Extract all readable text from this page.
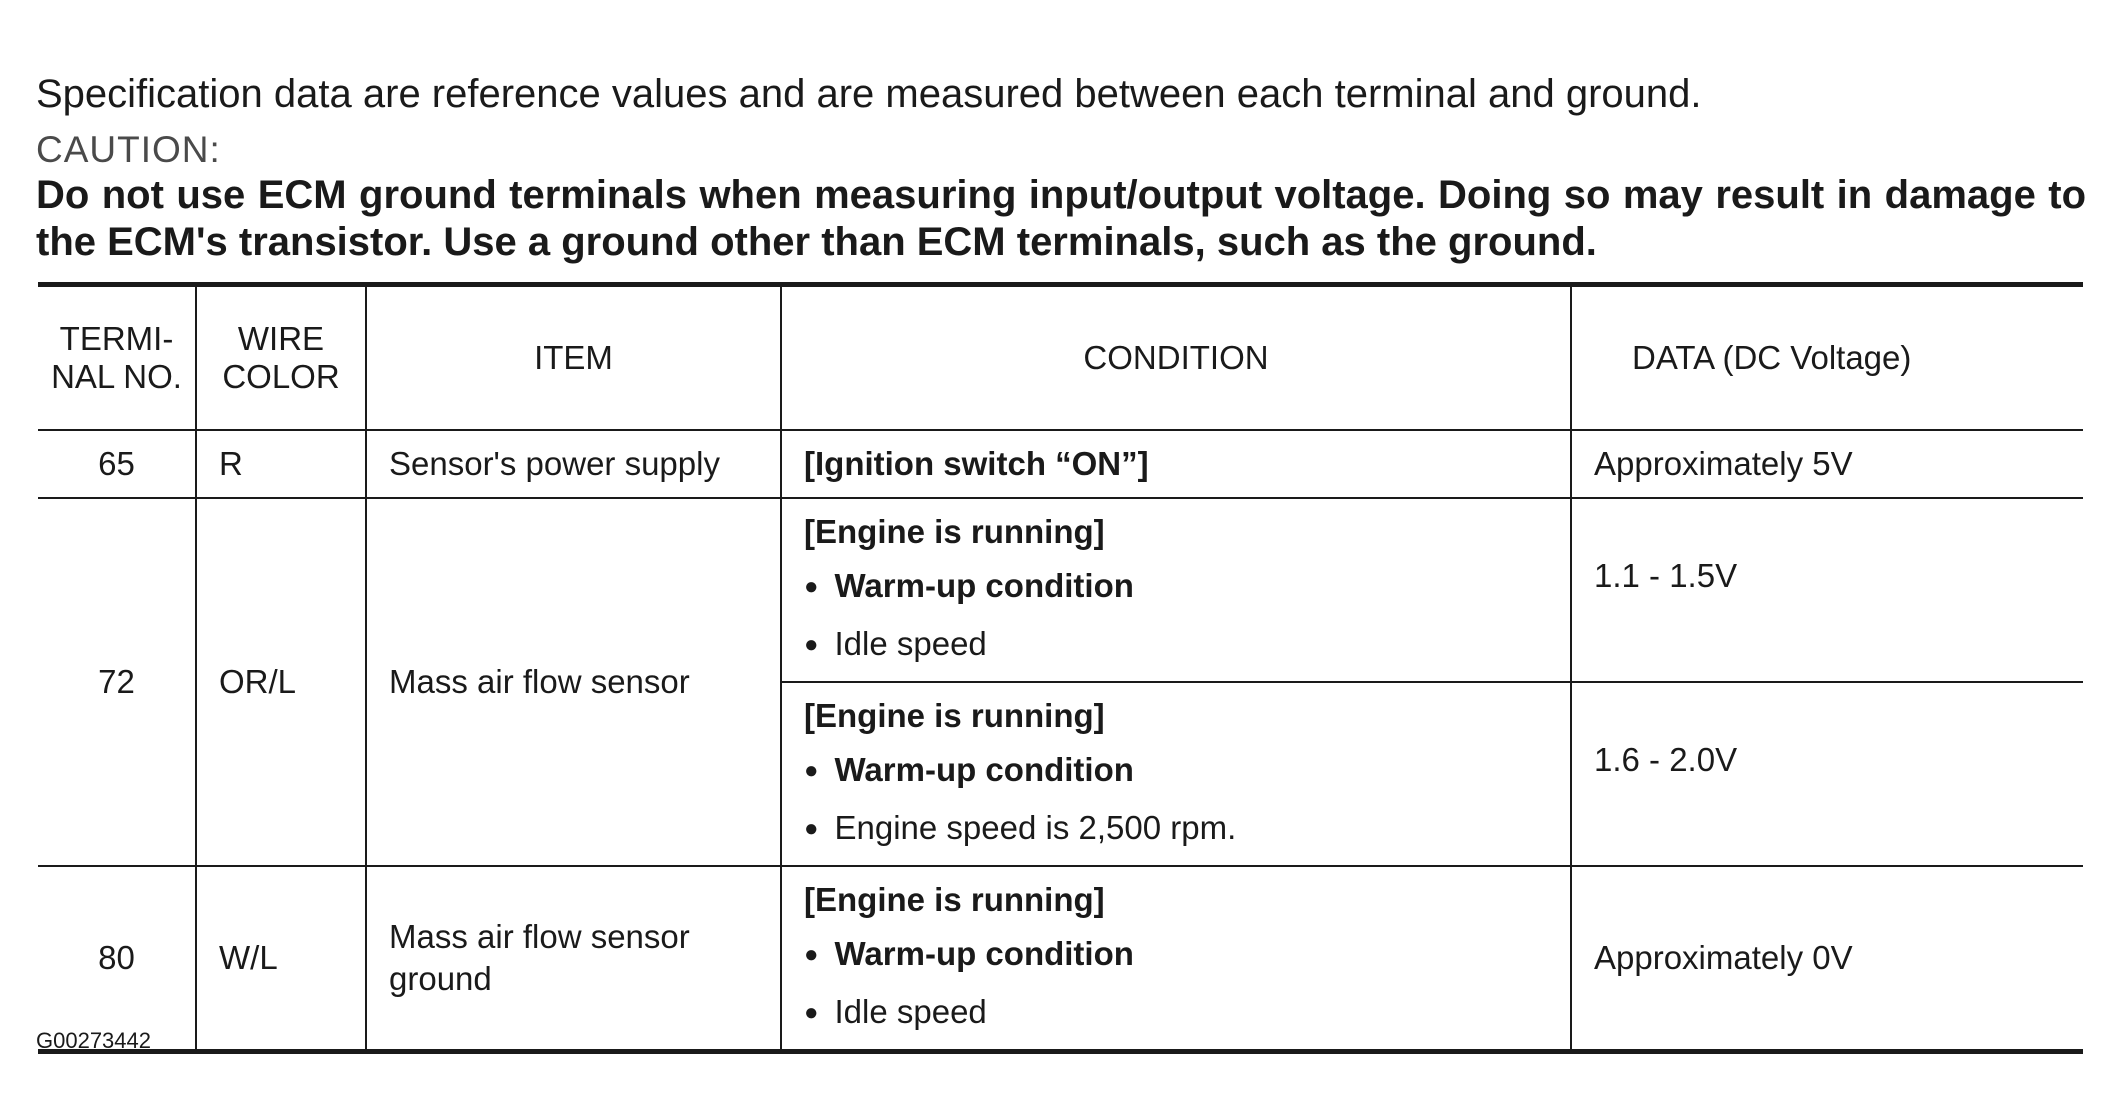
Specification data are reference values and are measured between each terminal and ground.
CAUTION:
Do not use ECM ground terminals when measuring input/output voltage. Doing so may result in damage to the ECM's transistor. Use a ground other than ECM terminals, such as the ground.
TERMI-NAL NO.	WIRE COLOR	ITEM	CONDITION	DATA (DC Voltage)
65	R	Sensor's power supply	[Ignition switch “ON”]	Approximately 5V
72	OR/L	Mass air flow sensor	[Engine is running]
● Warm-up condition
● Idle speed	1.1 - 1.5V

			[Engine is running]
● Warm-up condition
● Engine speed is 2,500 rpm.	1.6 - 2.0V
80	W/L	Mass air flow sensor ground	[Engine is running]
● Warm-up condition
● Idle speed	Approximately 0V
G00273442
